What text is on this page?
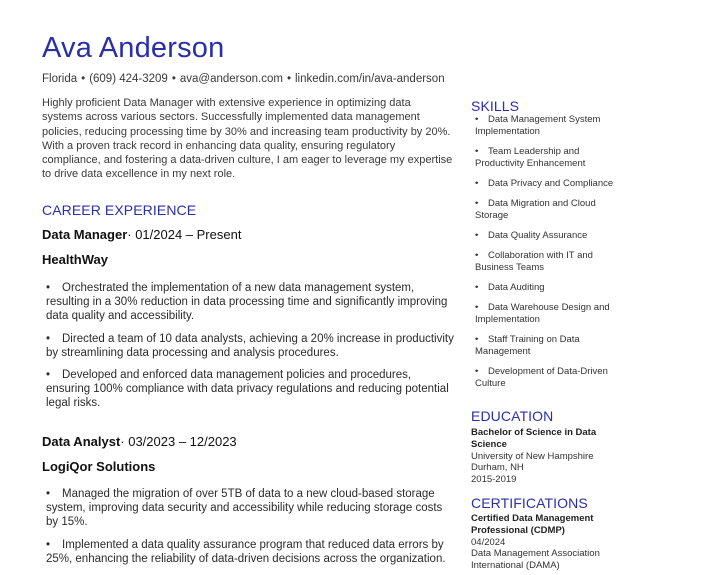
Ava Anderson
Florida • (609) 424-3209 • ava@anderson.com • linkedin.com/in/ava-anderson

Highly proficient Data Manager with extensive experience in optimizing data systems across various sectors. Successfully implemented data management policies, reducing processing time by 30% and increasing team productivity by 20%. With a proven track record in enhancing data quality, ensuring regulatory compliance, and fostering a data-driven culture, I am eager to leverage my expertise to drive data excellence in my next role.

CAREER EXPERIENCE

Data Manager· 01/2024 – Present

HealthWay

• Orchestrated the implementation of a new data management system, resulting in a 30% reduction in data processing time and significantly improving data quality and accessibility.
• Directed a team of 10 data analysts, achieving a 20% increase in productivity by streamlining data processing and analysis procedures.
• Developed and enforced data management policies and procedures, ensuring 100% compliance with data privacy regulations and reducing potential legal risks.

Data Analyst· 03/2023 – 12/2023

LogiQor Solutions

• Managed the migration of over 5TB of data to a new cloud-based storage system, improving data security and accessibility while reducing storage costs by 15%.
• Implemented a data quality assurance program that reduced data errors by 25%, enhancing the reliability of data-driven decisions across the organization.
SKILLS
• Data Management System Implementation
• Team Leadership and Productivity Enhancement
• Data Privacy and Compliance
• Data Migration and Cloud Storage
• Data Quality Assurance
• Collaboration with IT and Business Teams
• Data Auditing
• Data Warehouse Design and Implementation
• Staff Training on Data Management
• Development of Data-Driven Culture
EDUCATION
Bachelor of Science in Data Science
University of New Hampshire
Durham, NH
2015-2019
CERTIFICATIONS
Certified Data Management Professional (CDMP)
04/2024
Data Management Association International (DAMA)
